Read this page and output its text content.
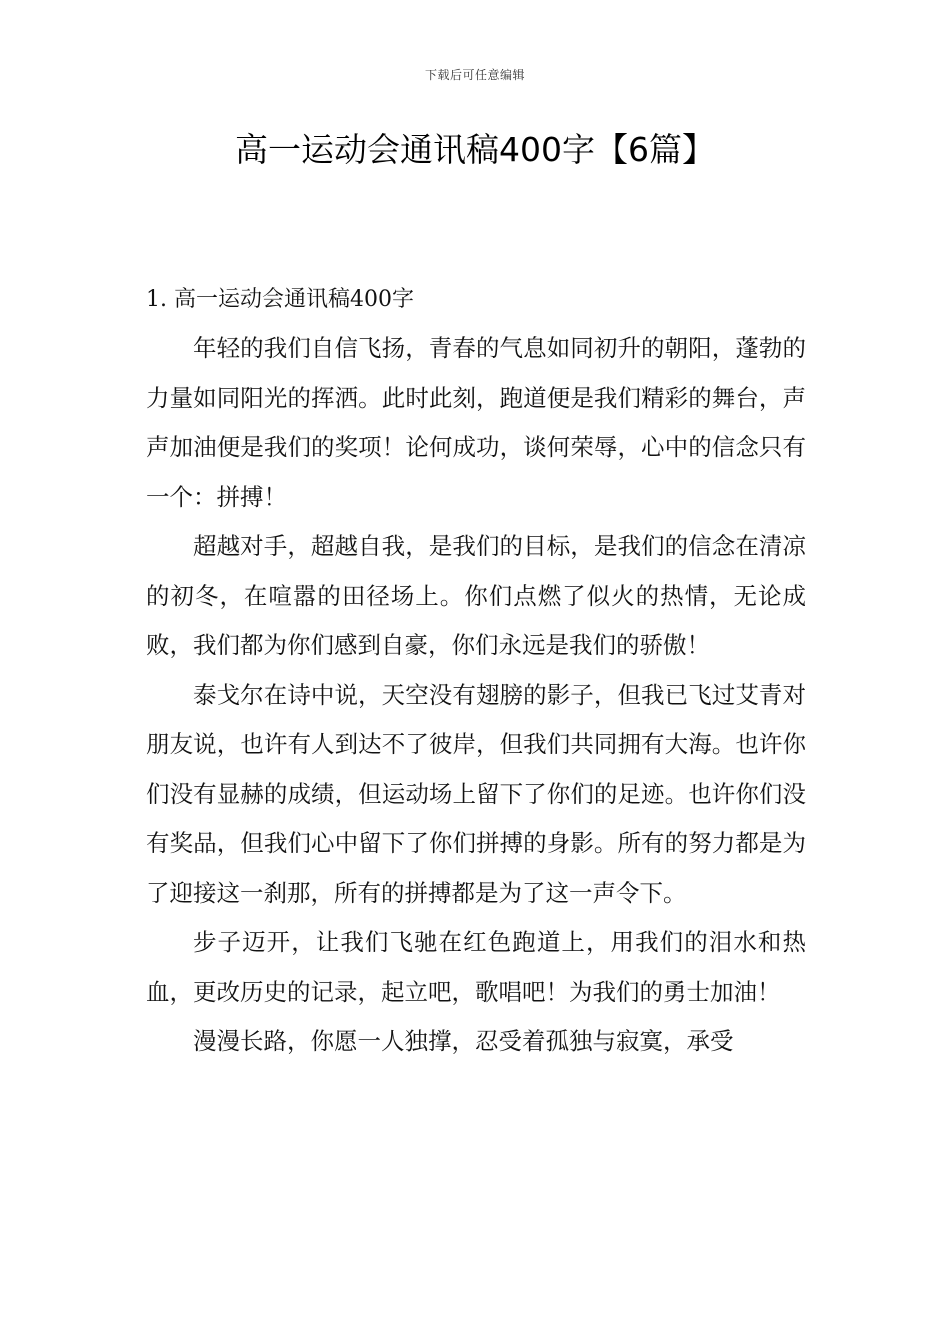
下载后可任意编辑
高一运动会通讯稿400字【6篇】
1. 高一运动会通讯稿400字

年轻的我们自信飞扬，青春的气息如同初升的朝阳，蓬勃的力量如同阳光的挥洒。此时此刻，跑道便是我们精彩的舞台，声声加油便是我们的奖项！论何成功，谈何荣辱，心中的信念只有一个：拼搏！

超越对手，超越自我，是我们的目标，是我们的信念在清凉的初冬，在喧嚣的田径场上。你们点燃了似火的热情，无论成败，我们都为你们感到自豪，你们永远是我们的骄傲！

泰戈尔在诗中说，天空没有翅膀的影子，但我已飞过艾青对朋友说，也许有人到达不了彼岸，但我们共同拥有大海。也许你们没有显赫的成绩，但运动场上留下了你们的足迹。也许你们没有奖品，但我们心中留下了你们拼搏的身影。所有的努力都是为了迎接这一刹那，所有的拼搏都是为了这一声令下。

步子迈开，让我们飞驰在红色跑道上，用我们的泪水和热血，更改历史的记录，起立吧，歌唱吧！为我们的勇士加油！

漫漫长路，你愿一人独撑，忍受着孤独与寂寞，承受
